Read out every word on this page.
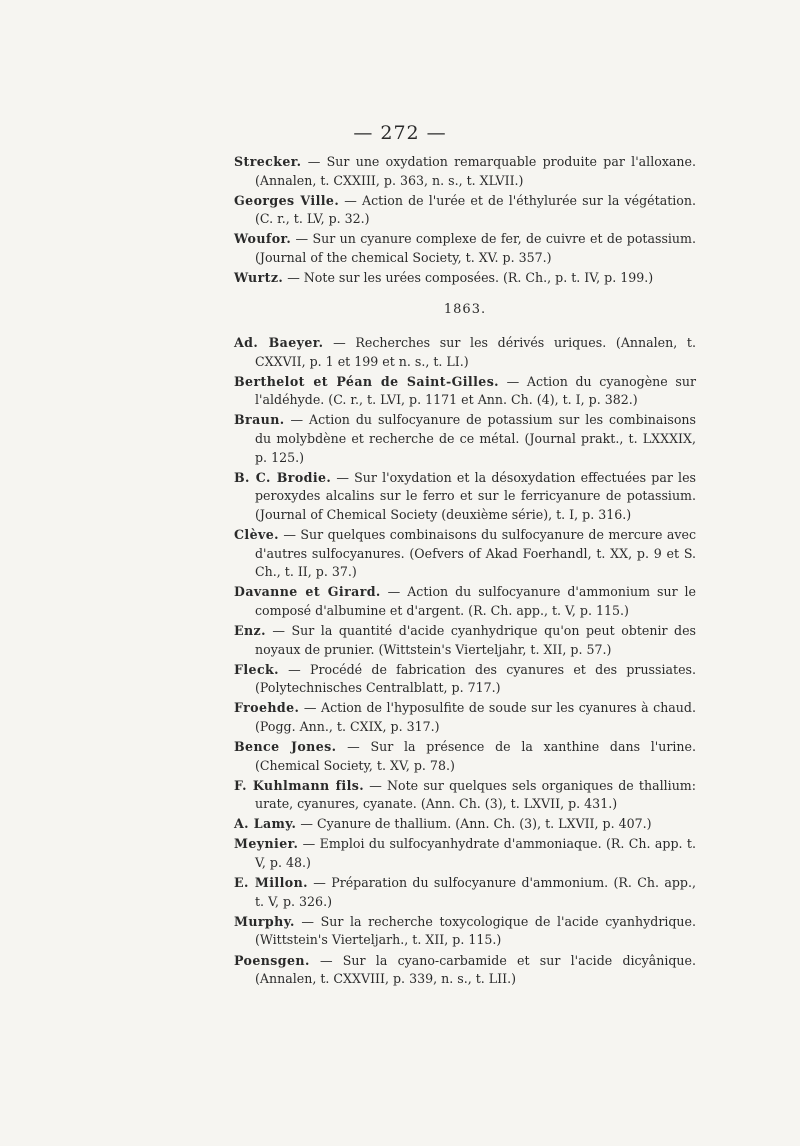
— 272 —

Strecker. — Sur une oxydation remarquable produite par l'alloxane. (Annalen, t. CXXIII, p. 363, n. s., t. XLVII.)

Georges Ville. — Action de l'urée et de l'éthylurée sur la végétation. (C. r., t. LV, p. 32.)

Woufor. — Sur un cyanure complexe de fer, de cuivre et de potassium. (Journal of the chemical Society, t. XV. p. 357.)

Wurtz. — Note sur les urées composées. (R. Ch., p. t. IV, p. 199.)

1863.

Ad. Baeyer. — Recherches sur les dérivés uriques. (Annalen, t. CXXVII, p. 1 et 199 et n. s., t. LI.)

Berthelot et Péan de Saint-Gilles. — Action du cyanogène sur l'aldéhyde. (C. r., t. LVI, p. 1171 et Ann. Ch. (4), t. I, p. 382.)

Braun. — Action du sulfocyanure de potassium sur les combinaisons du molybdène et recherche de ce métal. (Journal prakt., t. LXXXIX, p. 125.)

B. C. Brodie. — Sur l'oxydation et la désoxydation effectuées par les peroxydes alcalins sur le ferro et sur le ferricyanure de potassium. (Journal of Chemical Society (deuxième série), t. I, p. 316.)

Clève. — Sur quelques combinaisons du sulfocyanure de mercure avec d'autres sulfocyanures. (Oefvers of Akad Foerhandl, t. XX, p. 9 et S. Ch., t. II, p. 37.)

Davanne et Girard. — Action du sulfocyanure d'ammonium sur le composé d'albumine et d'argent. (R. Ch. app., t. V, p. 115.)

Enz. — Sur la quantité d'acide cyanhydrique qu'on peut obtenir des noyaux de prunier. (Wittstein's Vierteljahr, t. XII, p. 57.)

Fleck. — Procédé de fabrication des cyanures et des prussiates. (Polytechnisches Centralblatt, p. 717.)

Froehde. — Action de l'hyposulfite de soude sur les cyanures à chaud. (Pogg. Ann., t. CXIX, p. 317.)

Bence Jones. — Sur la présence de la xanthine dans l'urine. (Chemical Society, t. XV, p. 78.)

F. Kuhlmann fils. — Note sur quelques sels organiques de thallium: urate, cyanures, cyanate. (Ann. Ch. (3), t. LXVII, p. 431.)

A. Lamy. — Cyanure de thallium. (Ann. Ch. (3), t. LXVII, p. 407.)

Meynier. — Emploi du sulfocyanhydrate d'ammoniaque. (R. Ch. app. t. V, p. 48.)

E. Millon. — Préparation du sulfocyanure d'ammonium. (R. Ch. app., t. V, p. 326.)

Murphy. — Sur la recherche toxycologique de l'acide cyanhydrique. (Wittstein's Vierteljarh., t. XII, p. 115.)

Poensgen. — Sur la cyano-carbamide et sur l'acide dicyânique. (Annalen, t. CXXVIII, p. 339, n. s., t. LII.)
